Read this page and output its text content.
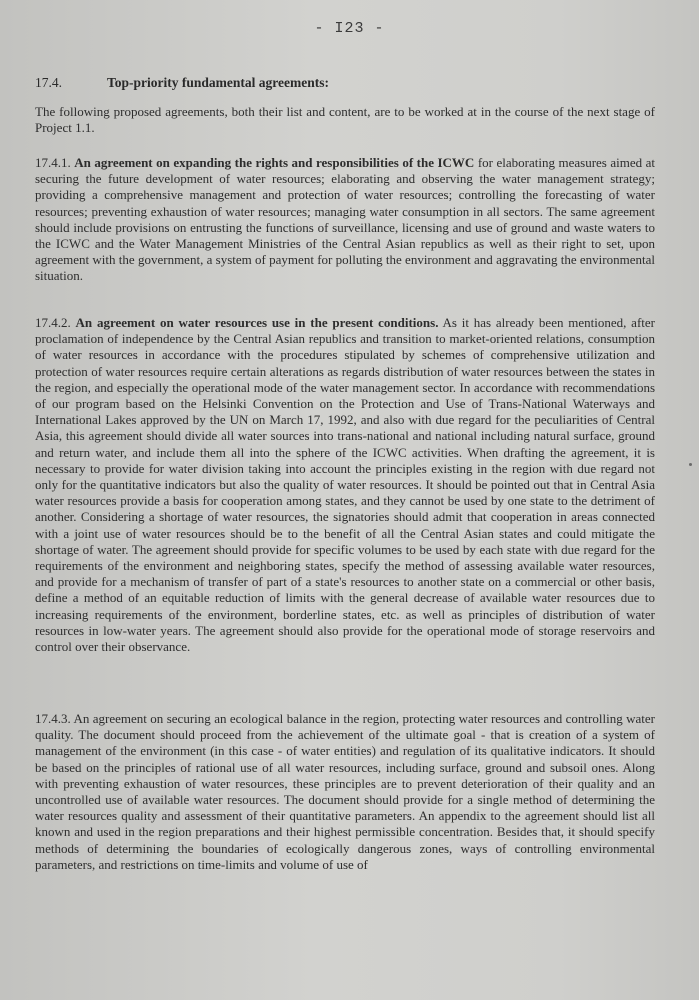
- I23 -
17.4.	Top-priority fundamental agreements:
The following proposed agreements, both their list and content, are to be worked at in the course of the next stage of Project 1.1.
17.4.1. An agreement on expanding the rights and responsibilities of the ICWC for elaborating measures aimed at securing the future development of water resources; elaborating and observing the water management strategy; providing a comprehensive management and protection of water resources; controlling the forecasting of water resources; preventing exhaustion of water resources; managing water consumption in all sectors. The same agreement should include provisions on entrusting the functions of surveillance, licensing and use of ground and waste waters to the ICWC and the Water Management Ministries of the Central Asian republics as well as their right to set, upon agreement with the government, a system of payment for polluting the environment and aggravating the environmental situation.
17.4.2. An agreement on water resources use in the present conditions. As it has already been mentioned, after proclamation of independence by the Central Asian republics and transition to market-oriented relations, consumption of water resources in accordance with the procedures stipulated by schemes of comprehensive utilization and protection of water resources require certain alterations as regards distribution of water resources between the states in the region, and especially the operational mode of the water management sector. In accordance with recommendations of our program based on the Helsinki Convention on the Protection and Use of Trans-National Waterways and International Lakes approved by the UN on March 17, 1992, and also with due regard for the peculiarities of Central Asia, this agreement should divide all water sources into trans-national and national including natural surface, ground and return water, and include them all into the sphere of the ICWC activities. When drafting the agreement, it is necessary to provide for water division taking into account the principles existing in the region with due regard not only for the quantitative indicators but also the quality of water resources. It should be pointed out that in Central Asia water resources provide a basis for cooperation among states, and they cannot be used by one state to the detriment of another. Considering a shortage of water resources, the signatories should admit that cooperation in areas connected with a joint use of water resources should be to the benefit of all the Central Asian states and could mitigate the shortage of water. The agreement should provide for specific volumes to be used by each state with due regard for the requirements of the environment and neighboring states, specify the method of assessing available water resources, and provide for a mechanism of transfer of part of a state's resources to another state on a commercial or other basis, define a method of an equitable reduction of limits with the general decrease of available water resources due to increasing requirements of the environment, borderline states, etc. as well as principles of distribution of water resources in low-water years. The agreement should also provide for the operational mode of storage reservoirs and control over their observance.
17.4.3. An agreement on securing an ecological balance in the region, protecting water resources and controlling water quality. The document should proceed from the achievement of the ultimate goal - that is creation of a system of management of the environment (in this case - of water entities) and regulation of its qualitative indicators. It should be based on the principles of rational use of all water resources, including surface, ground and subsoil ones. Along with preventing exhaustion of water resources, these principles are to prevent deterioration of their quality and an uncontrolled use of available water resources. The document should provide for a single method of determining the water resources quality and assessment of their quantitative parameters. An appendix to the agreement should list all known and used in the region preparations and their highest permissible concentration. Besides that, it should specify methods of determining the boundaries of ecologically dangerous zones, ways of controlling environmental parameters, and restrictions on time-limits and volume of use of
